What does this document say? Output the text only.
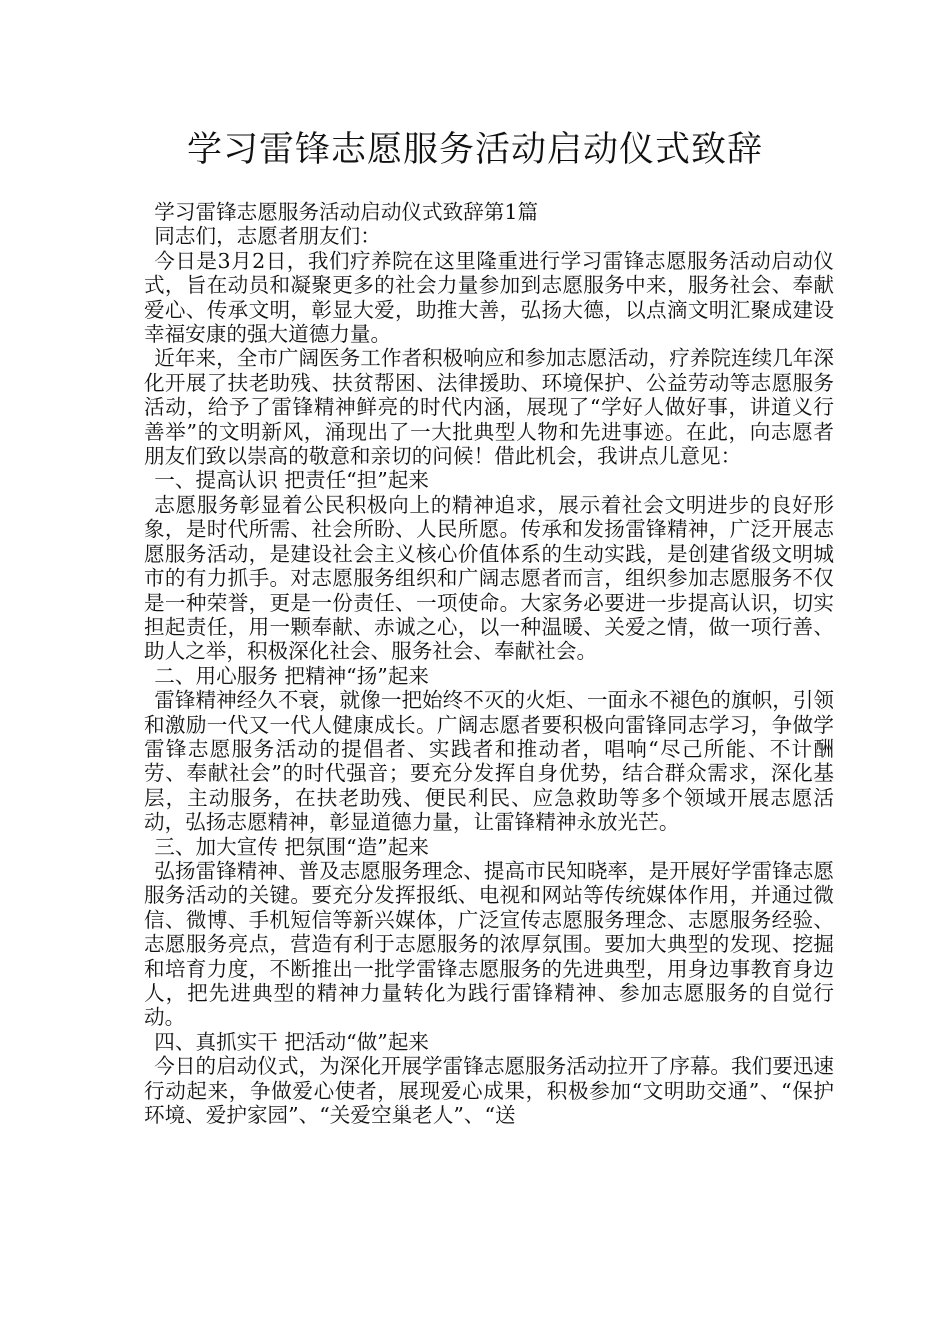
学习雷锋志愿服务活动启动仪式致辞
学习雷锋志愿服务活动启动仪式致辞第1篇
同志们，志愿者朋友们：

今日是3月2日，我们疗养院在这里隆重进行学习雷锋志愿服务活动启动仪式，旨在动员和凝聚更多的社会力量参加到志愿服务中来，服务社会、奉献爱心、传承文明，彰显大爱，助推大善，弘扬大德，以点滴文明汇聚成建设幸福安康的强大道德力量。

近年来，全市广阔医务工作者积极响应和参加志愿活动，疗养院连续几年深化开展了扶老助残、扶贫帮困、法律援助、环境保护、公益劳动等志愿服务活动，给予了雷锋精神鲜亮的时代内涵，展现了“学好人做好事，讲道义行善举”的文明新风，涌现出了一大批典型人物和先进事迹。在此，向志愿者朋友们致以崇高的敬意和亲切的问候！借此机会，我讲点儿意见：

一、提高认识 把责任“担”起来

志愿服务彰显着公民积极向上的精神追求，展示着社会文明进步的良好形象，是时代所需、社会所盼、人民所愿。传承和发扬雷锋精神，广泛开展志愿服务活动，是建设社会主义核心价值体系的生动实践，是创建省级文明城市的有力抓手。对志愿服务组织和广阔志愿者而言，组织参加志愿服务不仅是一种荣誉，更是一份责任、一项使命。大家务必要进一步提高认识，切实担起责任，用一颗奉献、赤诚之心，以一种温暖、关爱之情，做一项行善、助人之举，积极深化社会、服务社会、奉献社会。

二、用心服务 把精神“扬”起来

雷锋精神经久不衰，就像一把始终不灭的火炬、一面永不褪色的旗帜，引领和激励一代又一代人健康成长。广阔志愿者要积极向雷锋同志学习，争做学雷锋志愿服务活动的提倡者、实践者和推动者，唱响“尽己所能、不计酬劳、奉献社会”的时代强音；要充分发挥自身优势，结合群众需求，深化基层，主动服务，在扶老助残、便民利民、应急救助等多个领域开展志愿活动，弘扬志愿精神，彰显道德力量，让雷锋精神永放光芒。

三、加大宣传 把氛围“造”起来

弘扬雷锋精神、普及志愿服务理念、提高市民知晓率，是开展好学雷锋志愿服务活动的关键。要充分发挥报纸、电视和网站等传统媒体作用，并通过微信、微博、手机短信等新兴媒体，广泛宣传志愿服务理念、志愿服务经验、志愿服务亮点，营造有利于志愿服务的浓厚氛围。要加大典型的发现、挖掘和培育力度，不断推出一批学雷锋志愿服务的先进典型，用身边事教育身边人，把先进典型的精神力量转化为践行雷锋精神、参加志愿服务的自觉行动。

四、真抓实干 把活动“做”起来

今日的启动仪式，为深化开展学雷锋志愿服务活动拉开了序幕。我们要迅速行动起来，争做爱心使者，展现爱心成果，积极参加“文明助交通”、“保护环境、爱护家园”、“关爱空巢老人”、“送
